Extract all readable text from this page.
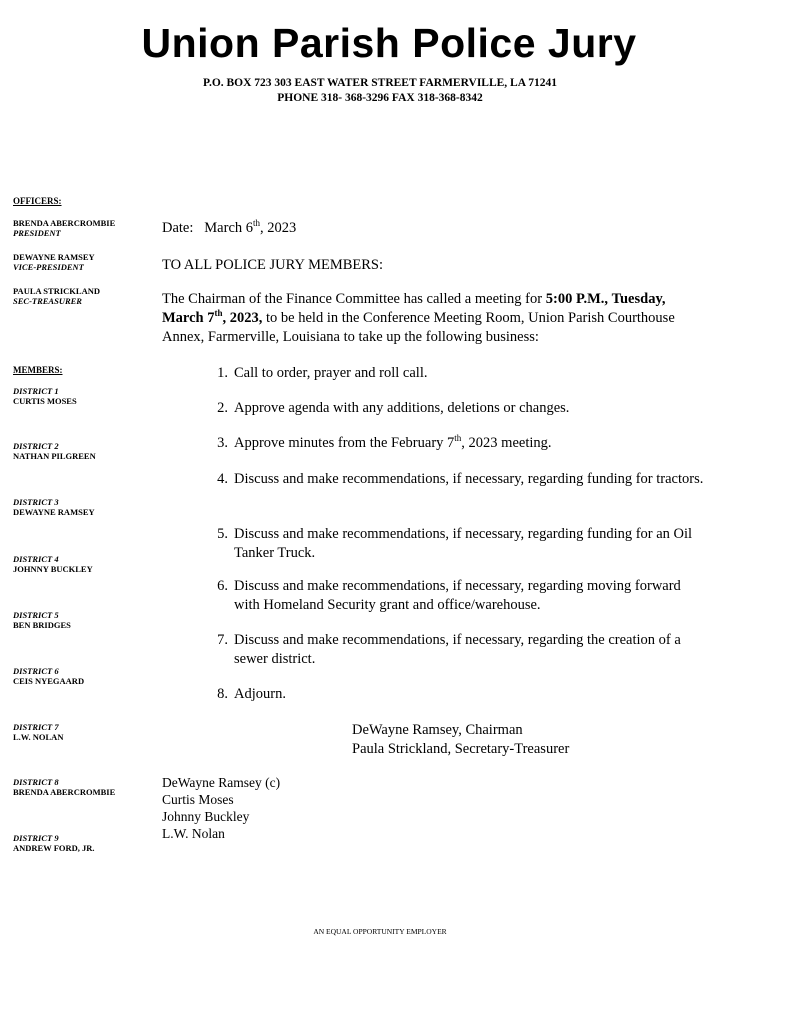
Union Parish Police Jury
P.O. BOX 723 303 EAST WATER STREET FARMERVILLE, LA 71241
PHONE 318- 368-3296 FAX 318-368-8342
OFFICERS:
BRENDA ABERCROMBIE
PRESIDENT
DEWAYNE RAMSEY
VICE-PRESIDENT
PAULA STRICKLAND
SEC-TREASURER
MEMBERS:
DISTRICT 1
CURTIS MOSES
DISTRICT 2
NATHAN PILGREEN
DISTRICT 3
DEWAYNE RAMSEY
DISTRICT 4
JOHNNY BUCKLEY
DISTRICT 5
BEN BRIDGES
DISTRICT 6
CEIS NYEGAARD
DISTRICT 7
L.W. NOLAN
DISTRICT 8
BRENDA ABERCROMBIE
DISTRICT 9
ANDREW FORD, JR.
Date: March 6th, 2023
TO ALL POLICE JURY MEMBERS:
The Chairman of the Finance Committee has called a meeting for 5:00 P.M., Tuesday, March 7th, 2023, to be held in the Conference Meeting Room, Union Parish Courthouse Annex, Farmerville, Louisiana to take up the following business:
1. Call to order, prayer and roll call.
2. Approve agenda with any additions, deletions or changes.
3. Approve minutes from the February 7th, 2023 meeting.
4. Discuss and make recommendations, if necessary, regarding funding for tractors.
5. Discuss and make recommendations, if necessary, regarding funding for an Oil Tanker Truck.
6. Discuss and make recommendations, if necessary, regarding moving forward with Homeland Security grant and office/warehouse.
7. Discuss and make recommendations, if necessary, regarding the creation of a sewer district.
8. Adjourn.
DeWayne Ramsey, Chairman
Paula Strickland, Secretary-Treasurer
DeWayne Ramsey (c)
Curtis Moses
Johnny Buckley
L.W. Nolan
AN EQUAL OPPORTUNITY EMPLOYER
